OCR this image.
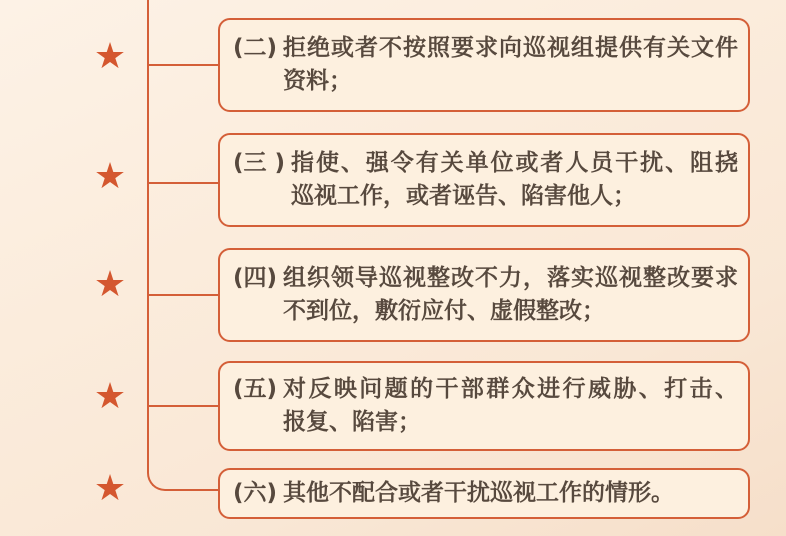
★
★
★
★
★
(二) 拒绝或者不按照要求向巡视组提供有关文件
资料；
(三 ) 指使、强令有关单位或者人员干扰、阻挠
巡视工作，或者诬告、陷害他人；
(四) 组织领导巡视整改不力，落实巡视整改要求
不到位，敷衍应付、虚假整改；
(五) 对反映问题的干部群众进行威胁、打击、
报复、陷害；
(六) 其他不配合或者干扰巡视工作的情形。
